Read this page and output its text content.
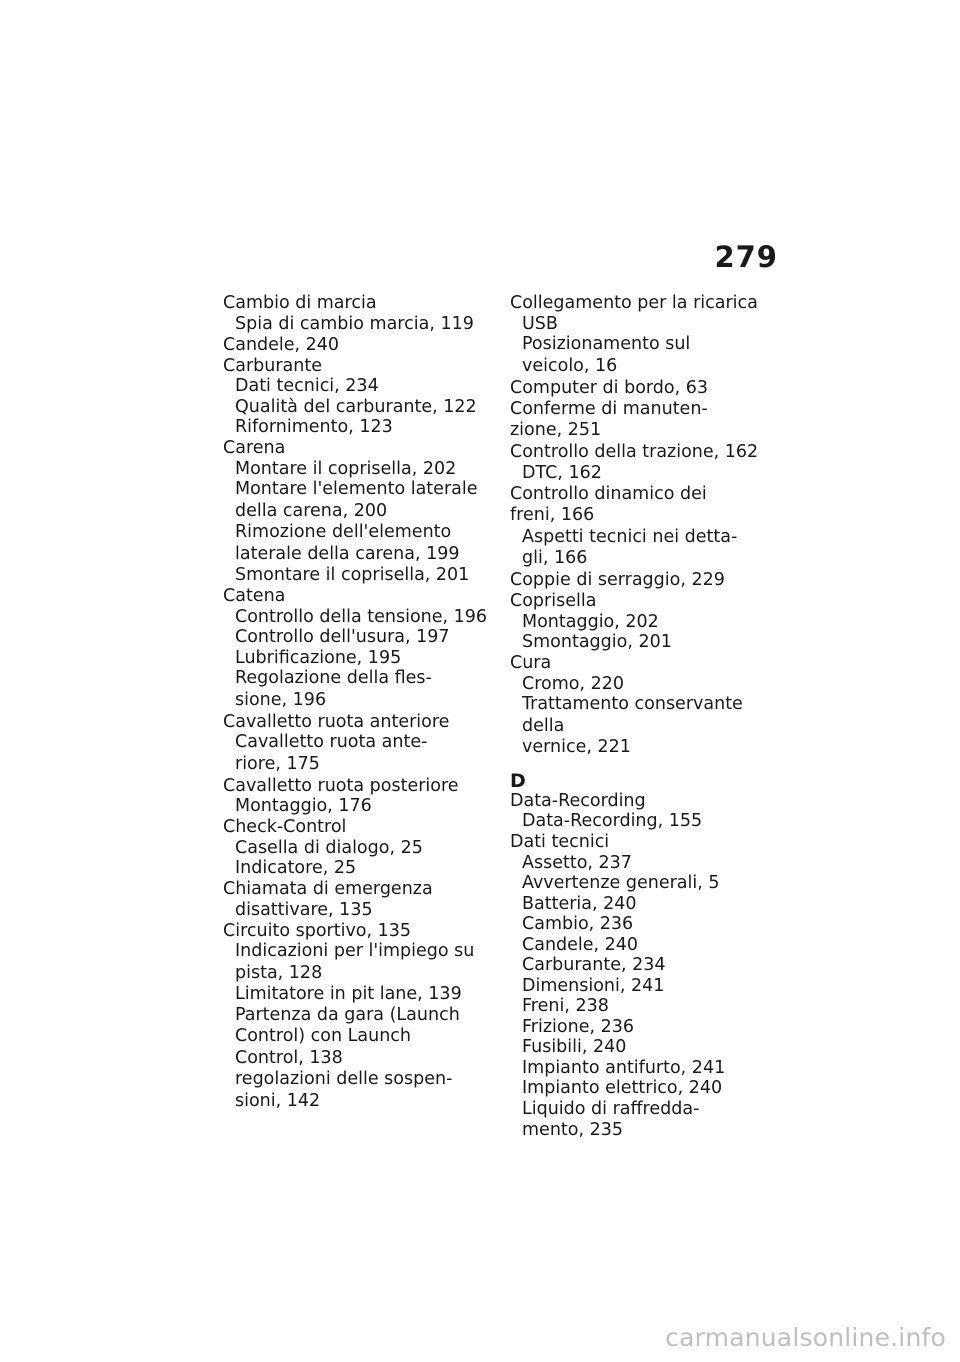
279
Cambio di marcia
Spia di cambio marcia, 119
Candele, 240
Carburante
Dati tecnici, 234
Qualità del carburante, 122
Rifornimento, 123
Carena
Montare il coprisella, 202
Montare l'elemento laterale
della carena, 200
Rimozione dell'elemento
laterale della carena, 199
Smontare il coprisella, 201
Catena
Controllo della tensione, 196
Controllo dell'usura, 197
Lubrificazione, 195
Regolazione della fles-
sione, 196
Cavalletto ruota anteriore
Cavalletto ruota ante-
riore, 175
Cavalletto ruota posteriore
Montaggio, 176
Check-Control
Casella di dialogo, 25
Indicatore, 25
Chiamata di emergenza
disattivare, 135
Circuito sportivo, 135
Indicazioni per l'impiego su
pista, 128
Limitatore in pit lane, 139
Partenza da gara (Launch
Control) con Launch
Control, 138
regolazioni delle sospen-
sioni, 142
Collegamento per la ricarica
USB
Posizionamento sul
veicolo, 16
Computer di bordo, 63
Conferme di manuten-
zione, 251
Controllo della trazione, 162
DTC, 162
Controllo dinamico dei
freni, 166
Aspetti tecnici nei detta-
gli, 166
Coppie di serraggio, 229
Coprisella
Montaggio, 202
Smontaggio, 201
Cura
Cromo, 220
Trattamento conservante della
vernice, 221
D
Data-Recording
Data-Recording, 155
Dati tecnici
Assetto, 237
Avvertenze generali, 5
Batteria, 240
Cambio, 236
Candele, 240
Carburante, 234
Dimensioni, 241
Freni, 238
Frizione, 236
Fusibili, 240
Impianto antifurto, 241
Impianto elettrico, 240
Liquido di raffredda-
mento, 235
carmanualsonline.info
